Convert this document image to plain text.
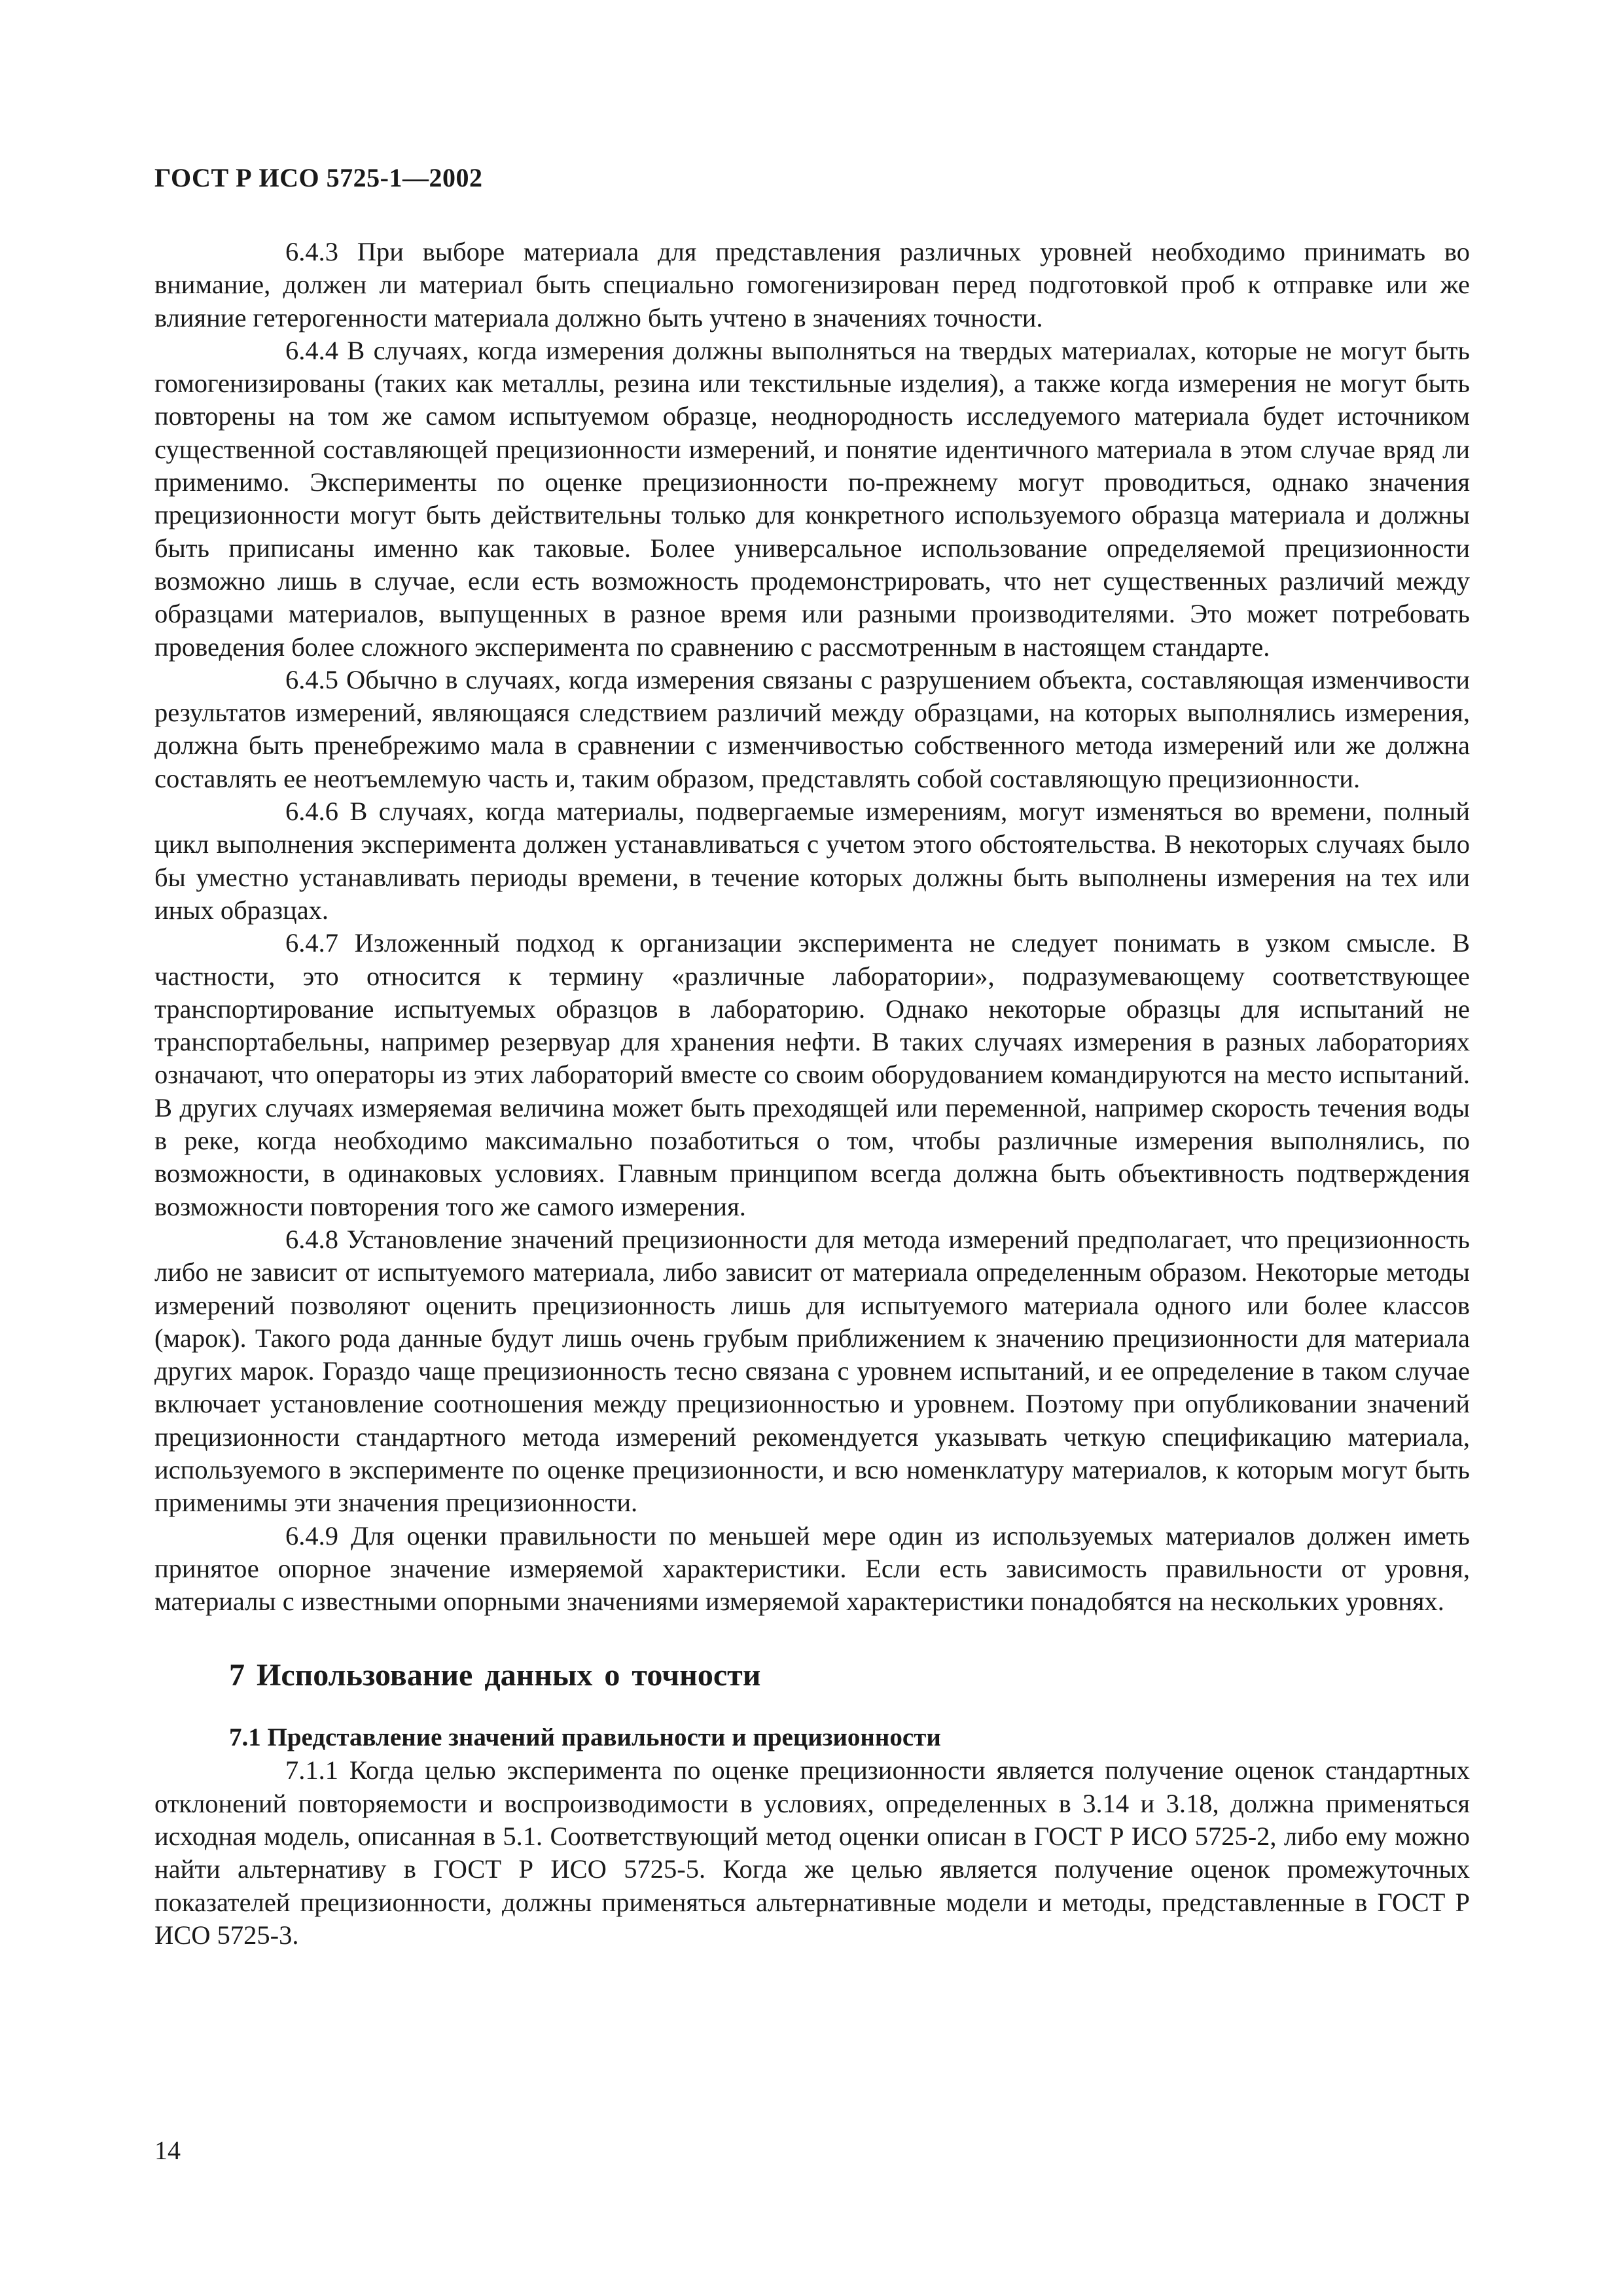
ГОСТ Р ИСО 5725-1—2002

6.4.3 При выборе материала для представления различных уровней необходимо принимать во внимание, должен ли материал быть специально гомогенизирован перед подготовкой проб к отправке или же влияние гетерогенности материала должно быть учтено в значениях точности.

6.4.4 В случаях, когда измерения должны выполняться на твердых материалах, которые не могут быть гомогенизированы (таких как металлы, резина или текстильные изделия), а также когда измерения не могут быть повторены на том же самом испытуемом образце, неоднородность исследуемого материала будет источником существенной составляющей прецизионности измерений, и понятие идентичного материала в этом случае вряд ли применимо. Эксперименты по оценке прецизионности по-прежнему могут проводиться, однако значения прецизионности могут быть действительны только для конкретного используемого образца материала и должны быть приписаны именно как таковые. Более универсальное использование определяемой прецизионности возможно лишь в случае, если есть возможность продемонстрировать, что нет существенных различий между образцами материалов, выпущенных в разное время или разными производителями. Это может потребовать проведения более сложного эксперимента по сравнению с рассмотренным в настоящем стандарте.

6.4.5 Обычно в случаях, когда измерения связаны с разрушением объекта, составляющая изменчивости результатов измерений, являющаяся следствием различий между образцами, на которых выполнялись измерения, должна быть пренебрежимо мала в сравнении с изменчивостью собственного метода измерений или же должна составлять ее неотъемлемую часть и, таким образом, представлять собой составляющую прецизионности.

6.4.6 В случаях, когда материалы, подвергаемые измерениям, могут изменяться во времени, полный цикл выполнения эксперимента должен устанавливаться с учетом этого обстоятельства. В некоторых случаях было бы уместно устанавливать периоды времени, в течение которых должны быть выполнены измерения на тех или иных образцах.

6.4.7 Изложенный подход к организации эксперимента не следует понимать в узком смысле. В частности, это относится к термину «различные лаборатории», подразумевающему соответствующее транспортирование испытуемых образцов в лабораторию. Однако некоторые образцы для испытаний не транспортабельны, например резервуар для хранения нефти. В таких случаях измерения в разных лабораториях означают, что операторы из этих лабораторий вместе со своим оборудованием командируются на место испытаний. В других случаях измеряемая величина может быть преходящей или переменной, например скорость течения воды в реке, когда необходимо максимально позаботиться о том, чтобы различные измерения выполнялись, по возможности, в одинаковых условиях. Главным принципом всегда должна быть объективность подтверждения возможности повторения того же самого измерения.

6.4.8 Установление значений прецизионности для метода измерений предполагает, что прецизионность либо не зависит от испытуемого материала, либо зависит от материала определенным образом. Некоторые методы измерений позволяют оценить прецизионность лишь для испытуемого материала одного или более классов (марок). Такого рода данные будут лишь очень грубым приближением к значению прецизионности для материала других марок. Гораздо чаще прецизионность тесно связана с уровнем испытаний, и ее определение в таком случае включает установление соотношения между прецизионностью и уровнем. Поэтому при опубликовании значений прецизионности стандартного метода измерений рекомендуется указывать четкую спецификацию материала, используемого в эксперименте по оценке прецизионности, и всю номенклатуру материалов, к которым могут быть применимы эти значения прецизионности.

6.4.9 Для оценки правильности по меньшей мере один из используемых материалов должен иметь принятое опорное значение измеряемой характеристики. Если есть зависимость правильности от уровня, материалы с известными опорными значениями измеряемой характеристики понадобятся на нескольких уровнях.

7 Использование данных о точности
7.1 Представление значений правильности и прецизионности

7.1.1 Когда целью эксперимента по оценке прецизионности является получение оценок стандартных отклонений повторяемости и воспроизводимости в условиях, определенных в 3.14 и 3.18, должна применяться исходная модель, описанная в 5.1. Соответствующий метод оценки описан в ГОСТ Р ИСО 5725-2, либо ему можно найти альтернативу в ГОСТ Р ИСО 5725-5. Когда же целью является получение оценок промежуточных показателей прецизионности, должны применяться альтернативные модели и методы, представленные в ГОСТ Р ИСО 5725-3.

14
